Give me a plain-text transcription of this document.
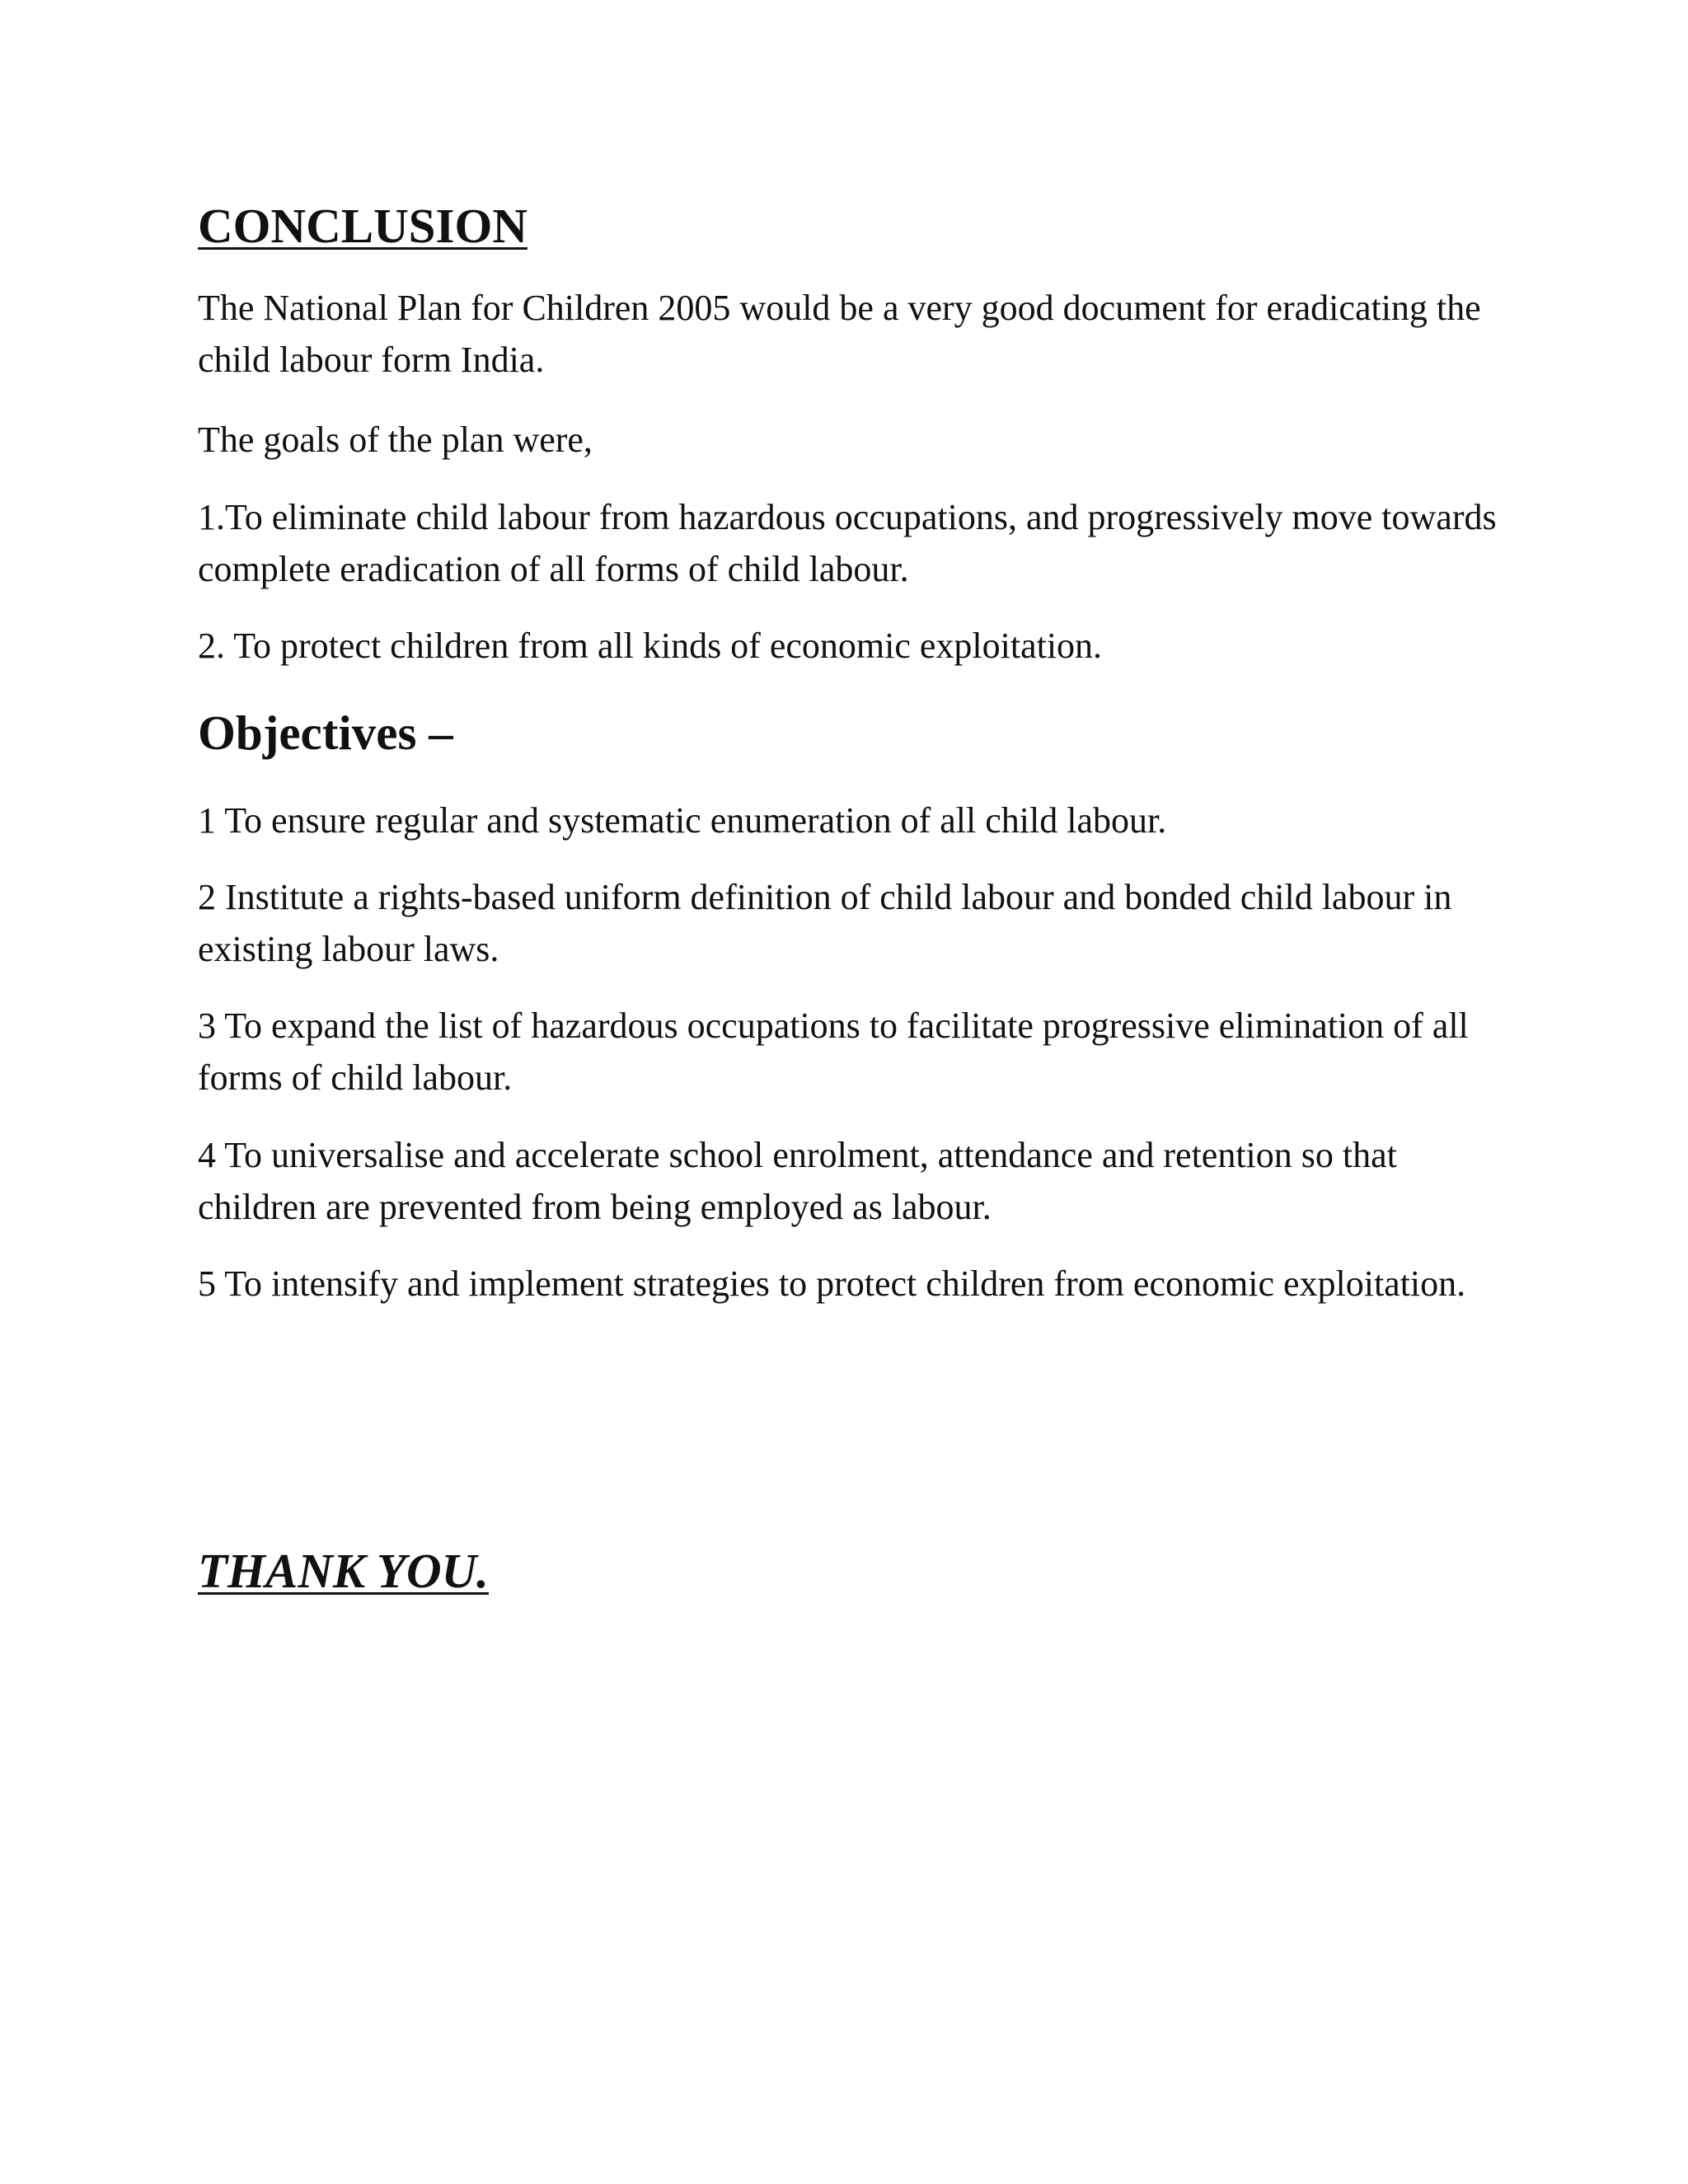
CONCLUSION

The National Plan for Children 2005 would be a very good document for eradicating the child labour form India.

The goals of the plan were,

1.To eliminate child labour from hazardous occupations, and progressively move towards complete eradication of all forms of child labour.

2. To protect children from all kinds of economic exploitation.

Objectives –

1 To ensure regular and systematic enumeration of all child labour.

2 Institute a rights-based uniform definition of child labour and bonded child labour in existing labour laws.

3 To expand the list of hazardous occupations to facilitate progressive elimination of all forms of child labour.

4 To universalise and accelerate school enrolment, attendance and retention so that children are prevented from being employed as labour.

5 To intensify and implement strategies to protect children from economic exploitation.

THANK YOU.
